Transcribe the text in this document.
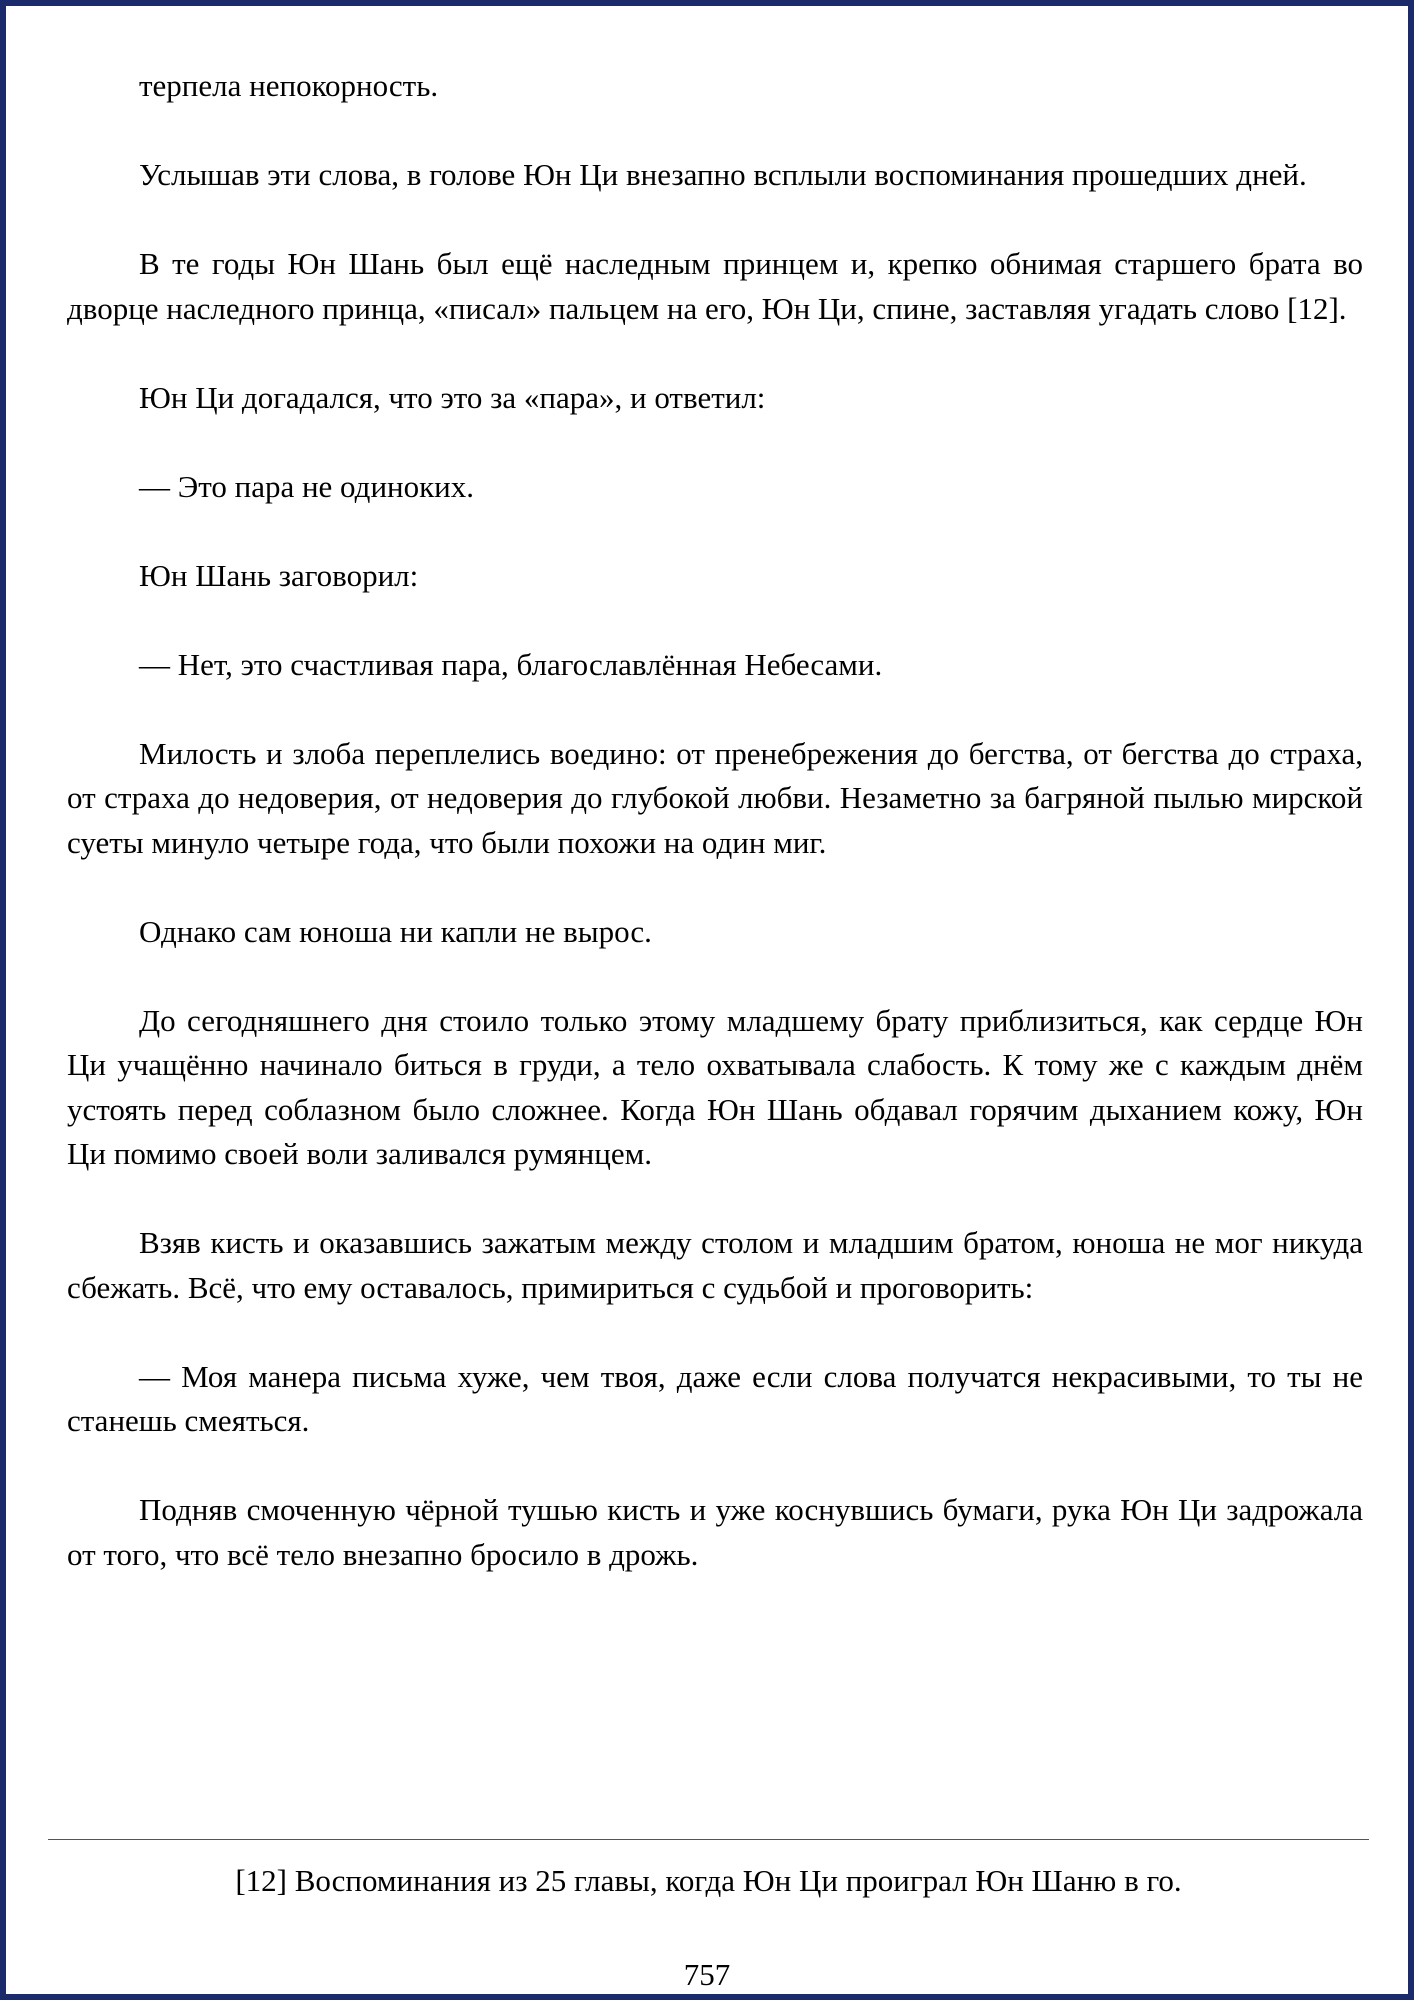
терпела непокорность.

Услышав эти слова, в голове Юн Ци внезапно всплыли воспоминания прошедших дней.

В те годы Юн Шань был ещё наследным принцем и, крепко обнимая старшего брата во дворце наследного принца, «писал» пальцем на его, Юн Ци, спине, заставляя угадать слово [12].

Юн Ци догадался, что это за «пара», и ответил:

— Это пара не одиноких.

Юн Шань заговорил:

— Нет, это счастливая пара, благославлённая Небесами.

Милость и злоба переплелись воедино: от пренебрежения до бегства, от бегства до страха, от страха до недоверия, от недоверия до глубокой любви. Незаметно за багряной пылью мирской суеты минуло четыре года, что были похожи на один миг.

Однако сам юноша ни капли не вырос.

До сегодняшнего дня стоило только этому младшему брату приблизиться, как сердце Юн Ци учащённо начинало биться в груди, а тело охватывала слабость. К тому же с каждым днём устоять перед соблазном было сложнее. Когда Юн Шань обдавал горячим дыханием кожу, Юн Ци помимо своей воли заливался румянцем.

Взяв кисть и оказавшись зажатым между столом и младшим братом, юноша не мог никуда сбежать. Всё, что ему оставалось, примириться с судьбой и проговорить:

— Моя манера письма хуже, чем твоя, даже если слова получатся некрасивыми, то ты не станешь смеяться.

Подняв смоченную чёрной тушью кисть и уже коснувшись бумаги, рука Юн Ци задрожала от того, что всё тело внезапно бросило в дрожь.

[12] Воспоминания из 25 главы, когда Юн Ци проиграл Юн Шаню в го.

757
